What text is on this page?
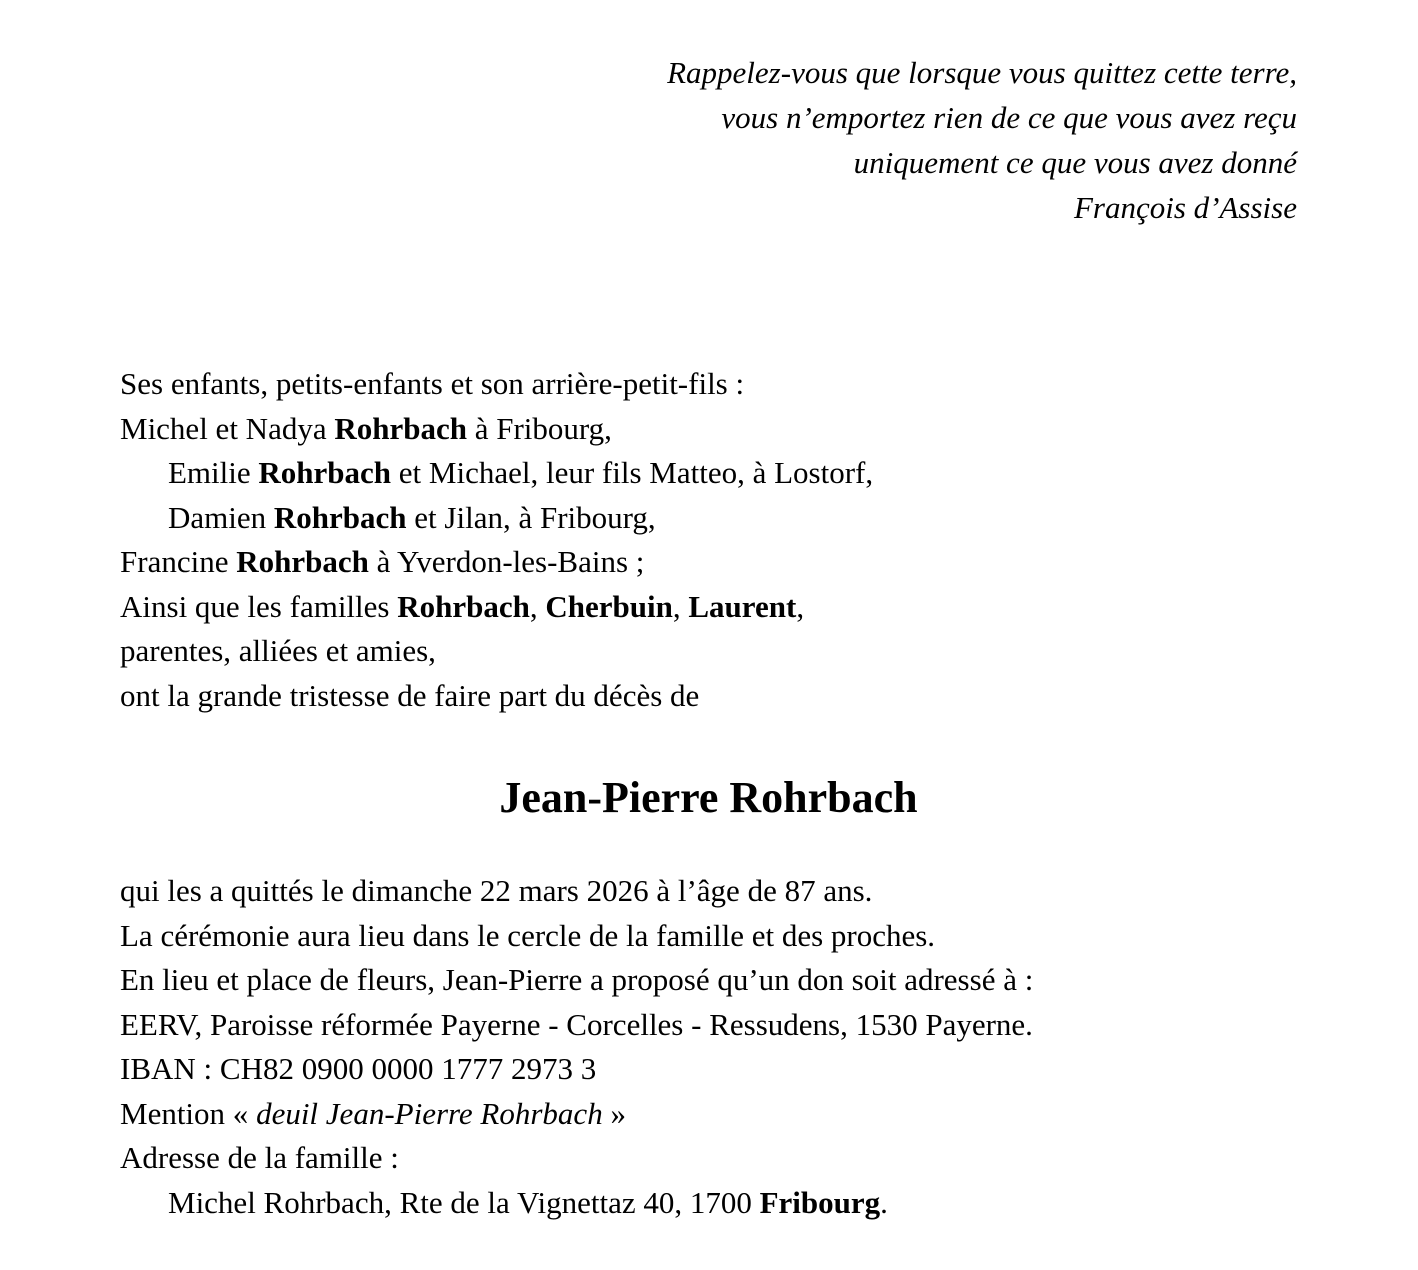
Rappelez-vous que lorsque vous quittez cette terre,
vous n’emportez rien de ce que vous avez reçu
uniquement ce que vous avez donné
François d’Assise
Ses enfants, petits-enfants et son arrière-petit-fils :
Michel et Nadya Rohrbach à Fribourg,
Emilie Rohrbach et Michael, leur fils Matteo, à Lostorf,
Damien Rohrbach et Jilan, à Fribourg,
Francine Rohrbach à Yverdon-les-Bains ;
Ainsi que les familles Rohrbach, Cherbuin, Laurent,
parentes, alliées et amies,
ont la grande tristesse de faire part du décès de
Jean-Pierre Rohrbach
qui les a quittés le dimanche 22 mars 2026 à l’âge de 87 ans.
La cérémonie aura lieu dans le cercle de la famille et des proches.
En lieu et place de fleurs, Jean-Pierre a proposé qu’un don soit adressé à :
EERV, Paroisse réformée Payerne - Corcelles - Ressudens, 1530 Payerne.
IBAN : CH82 0900 0000 1777 2973 3
Mention « deuil Jean-Pierre Rohrbach »
Adresse de la famille :
Michel Rohrbach, Rte de la Vignettaz 40, 1700 Fribourg.
